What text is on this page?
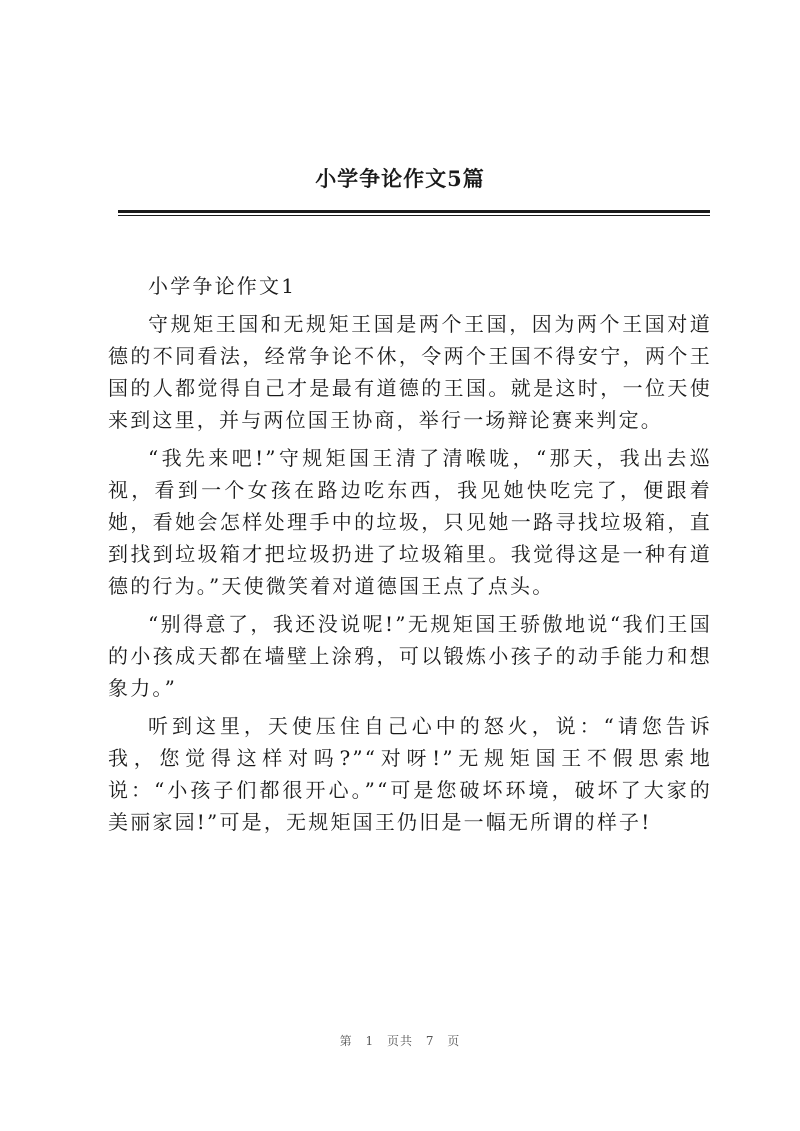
小学争论作文5篇

小学争论作文1

守规矩王国和无规矩王国是两个王国，因为两个王国对道德的不同看法，经常争论不休，令两个王国不得安宁，两个王国的人都觉得自己才是最有道德的王国。就是这时，一位天使来到这里，并与两位国王协商，举行一场辩论赛来判定。

“我先来吧!”守规矩国王清了清喉咙，“那天，我出去巡视，看到一个女孩在路边吃东西，我见她快吃完了，便跟着她，看她会怎样处理手中的垃圾，只见她一路寻找垃圾箱，直到找到垃圾箱才把垃圾扔进了垃圾箱里。我觉得这是一种有道德的行为。”天使微笑着对道德国王点了点头。

“别得意了，我还没说呢!”无规矩国王骄傲地说“我们王国的小孩成天都在墙壁上涂鸦，可以锻炼小孩子的动手能力和想象力。”

听到这里，天使压住自己心中的怒火，说：“请您告诉我，您觉得这样对吗?”“对呀!”无规矩国王不假思索地说：“小孩子们都很开心。”“可是您破坏环境，破坏了大家的美丽家园!”可是，无规矩国王仍旧是一幅无所谓的样子!

第 1 页共 7 页
